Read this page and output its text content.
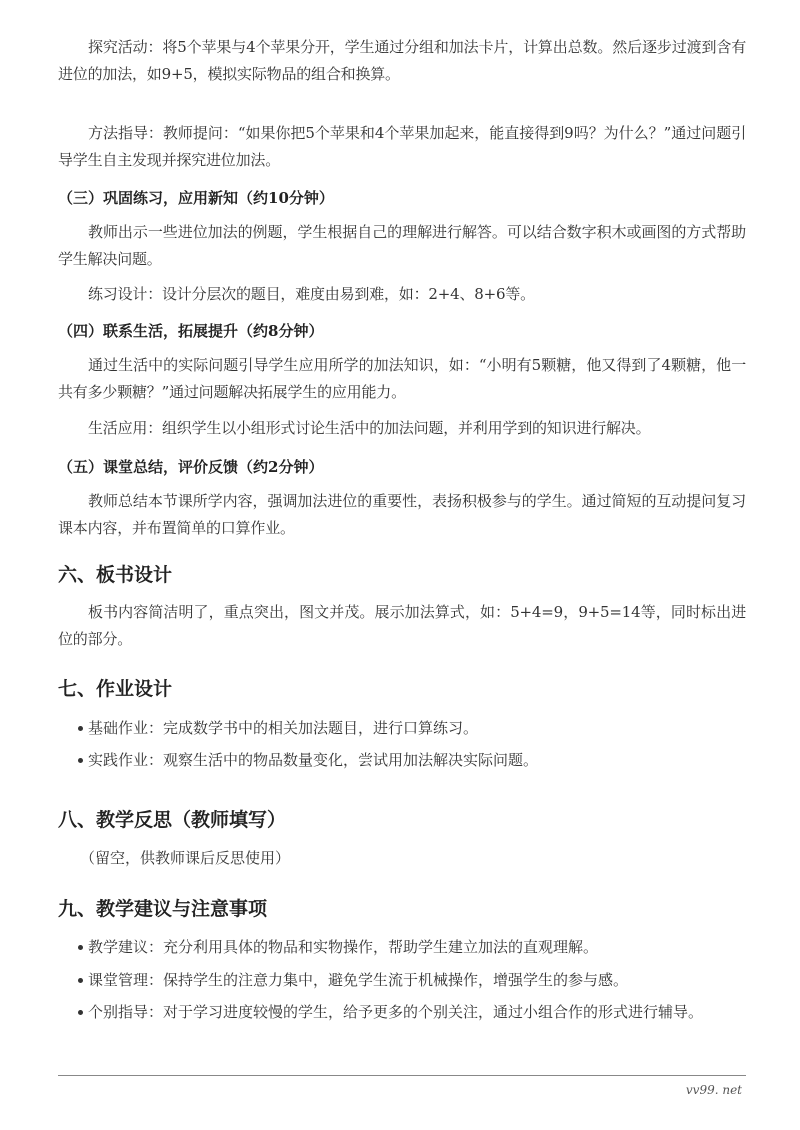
vv99.net

探究活动：将5个苹果与4个苹果分开，学生通过分组和加法卡片，计算出总数。然后逐步过渡到含有进位的加法，如9+5，模拟实际物品的组合和换算。

方法指导：教师提问：“如果你把5个苹果和4个苹果加起来，能直接得到9吗？为什么？”通过问题引导学生自主发现并探究进位加法。

（三）巩固练习，应用新知（约10分钟）

教师出示一些进位加法的例题，学生根据自己的理解进行解答。可以结合数字积木或画图的方式帮助学生解决问题。

练习设计：设计分层次的题目，难度由易到难，如：2+4、8+6等。

（四）联系生活，拓展提升（约8分钟）

通过生活中的实际问题引导学生应用所学的加法知识，如：“小明有5颗糖，他又得到了4颗糖，他一共有多少颗糖？”通过问题解决拓展学生的应用能力。

生活应用：组织学生以小组形式讨论生活中的加法问题，并利用学到的知识进行解决。

（五）课堂总结，评价反馈（约2分钟）

教师总结本节课所学内容，强调加法进位的重要性，表扬积极参与的学生。通过简短的互动提问复习课本内容，并布置简单的口算作业。

六、板书设计

板书内容简洁明了，重点突出，图文并茂。展示加法算式，如：5+4=9，9+5=14等，同时标出进位的部分。

七、作业设计
基础作业：完成数学书中的相关加法题目，进行口算练习。
实践作业：观察生活中的物品数量变化，尝试用加法解决实际问题。
八、教学反思（教师填写）
（留空，供教师课后反思使用）
九、教学建议与注意事项
教学建议：充分利用具体的物品和实物操作，帮助学生建立加法的直观理解。
课堂管理：保持学生的注意力集中，避免学生流于机械操作，增强学生的参与感。
个别指导：对于学习进度较慢的学生，给予更多的个别关注，通过小组合作的形式进行辅导。
vv99. net
